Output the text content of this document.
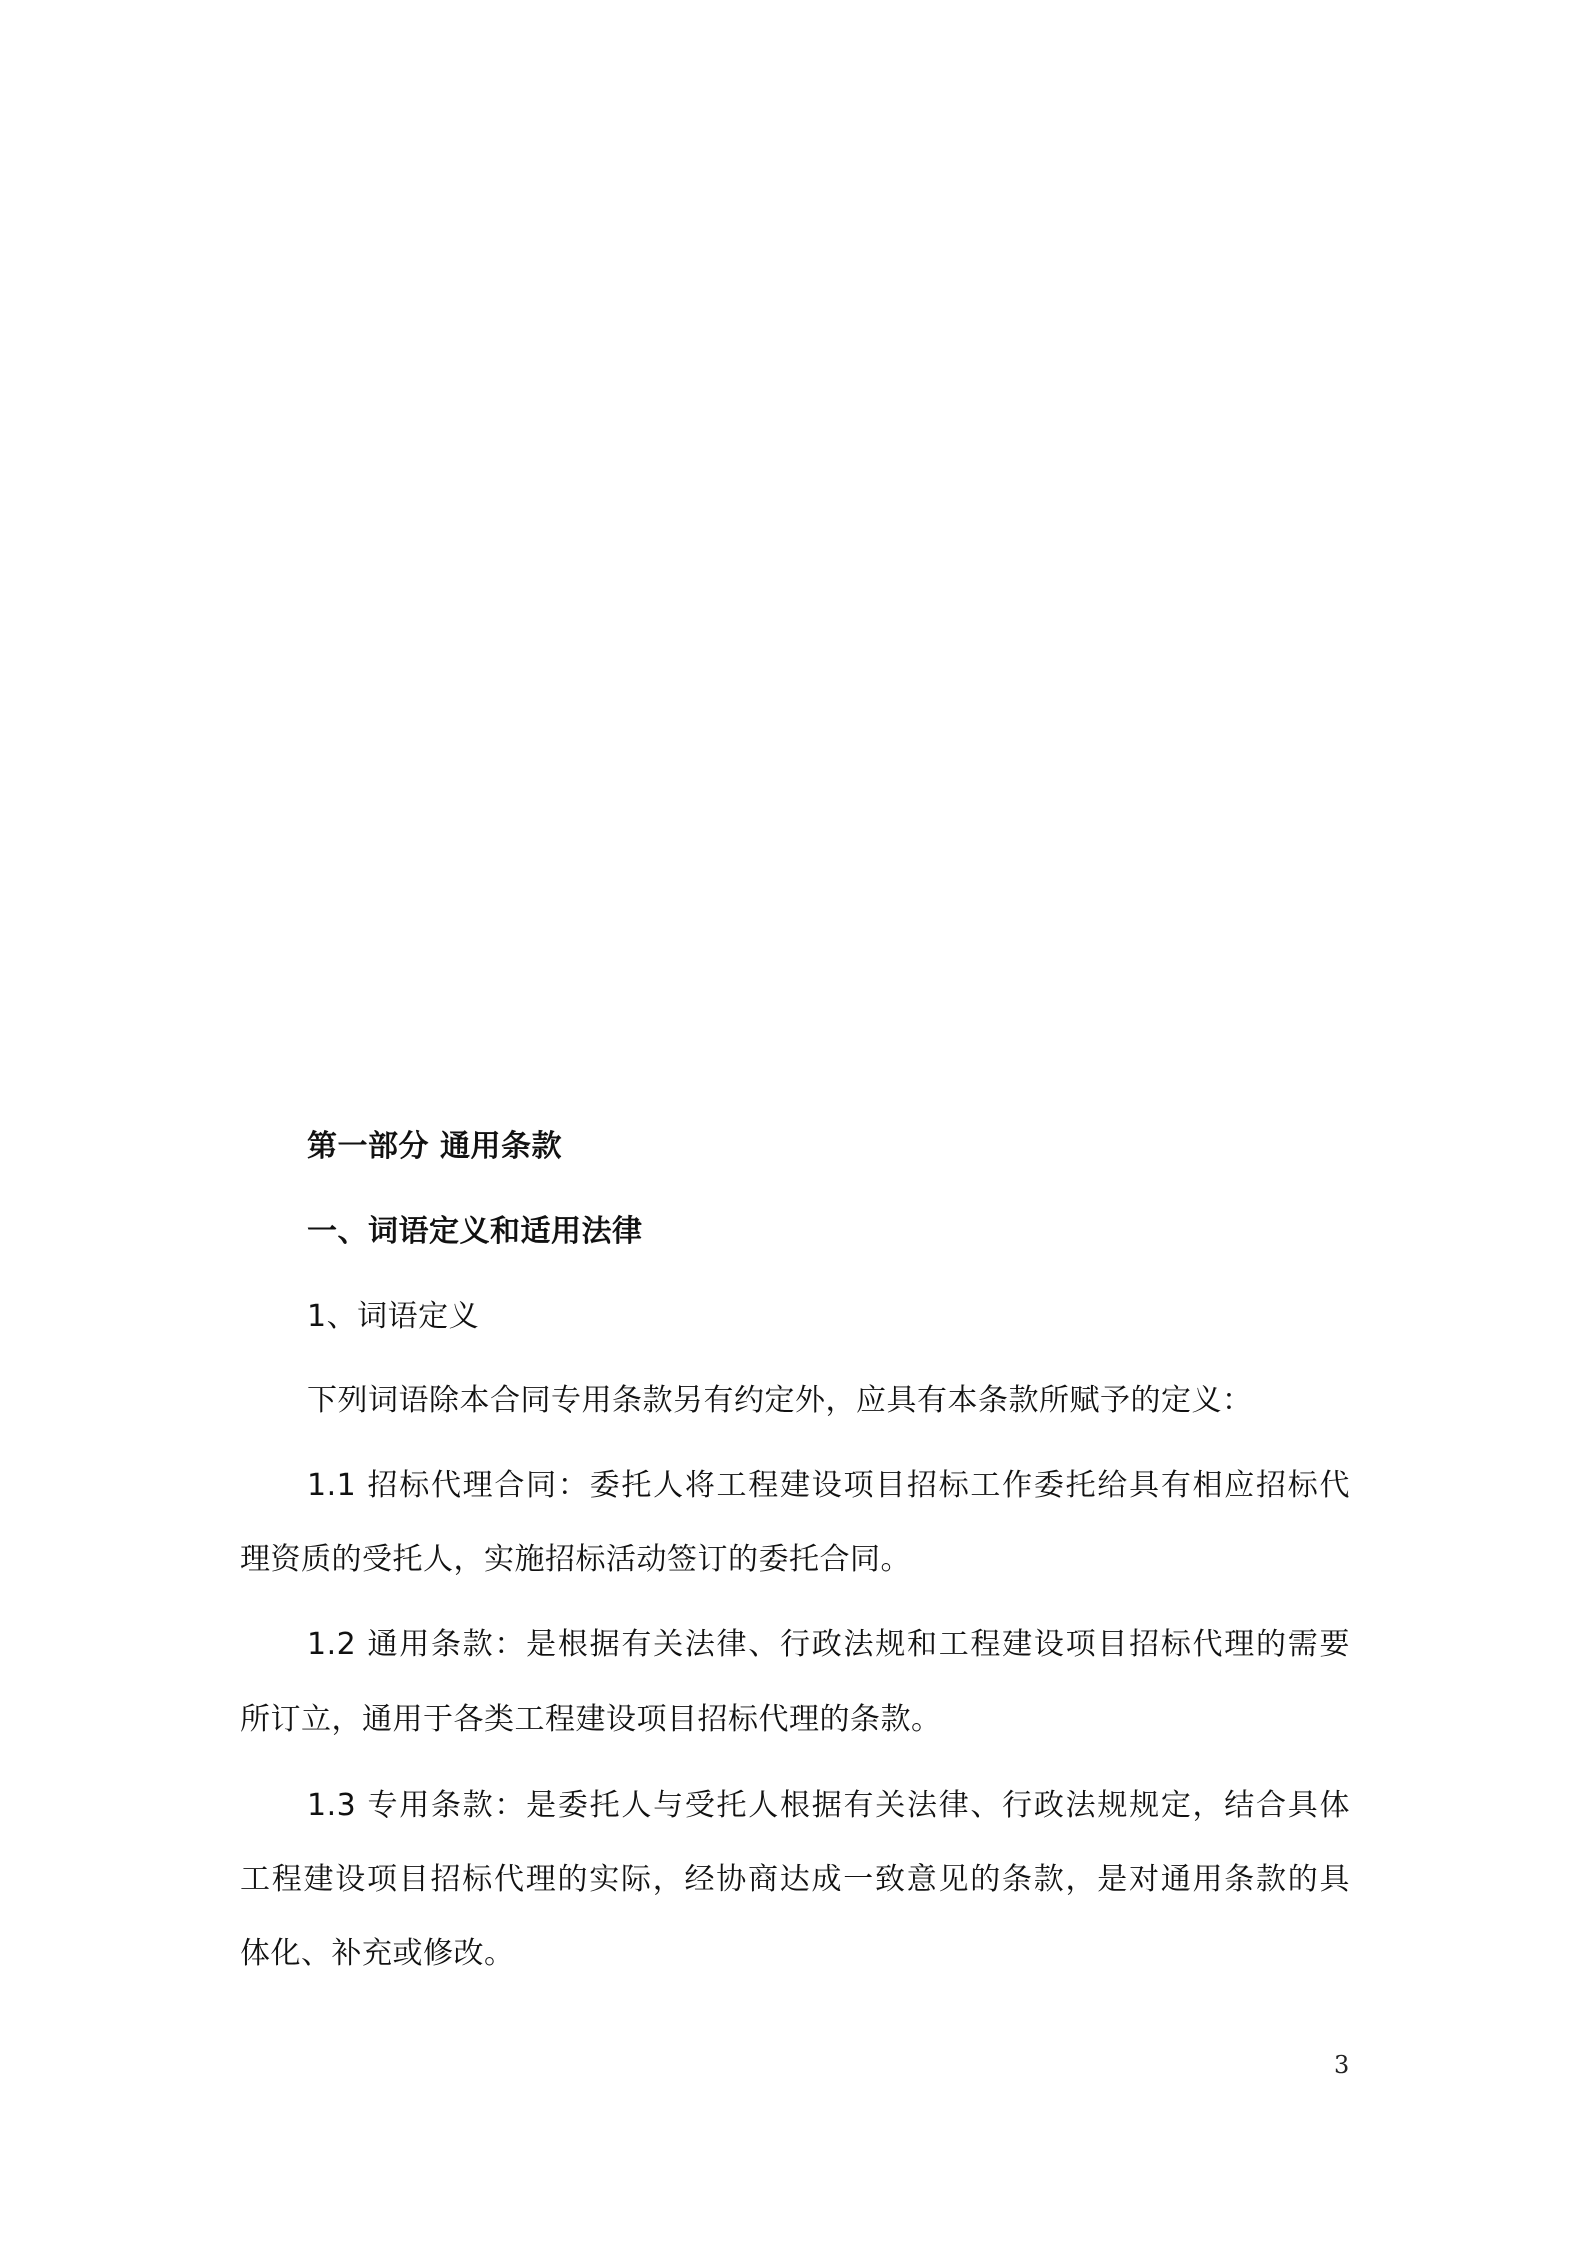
第一部分 通用条款
一、词语定义和适用法律
1、词语定义
下列词语除本合同专用条款另有约定外，应具有本条款所赋予的定义：
1.1 招标代理合同：委托人将工程建设项目招标工作委托给具有相应招标代
理资质的受托人，实施招标活动签订的委托合同。
1.2 通用条款：是根据有关法律、行政法规和工程建设项目招标代理的需要
所订立，通用于各类工程建设项目招标代理的条款。
1.3 专用条款：是委托人与受托人根据有关法律、行政法规规定，结合具体
工程建设项目招标代理的实际，经协商达成一致意见的条款，是对通用条款的具
体化、补充或修改。
3
